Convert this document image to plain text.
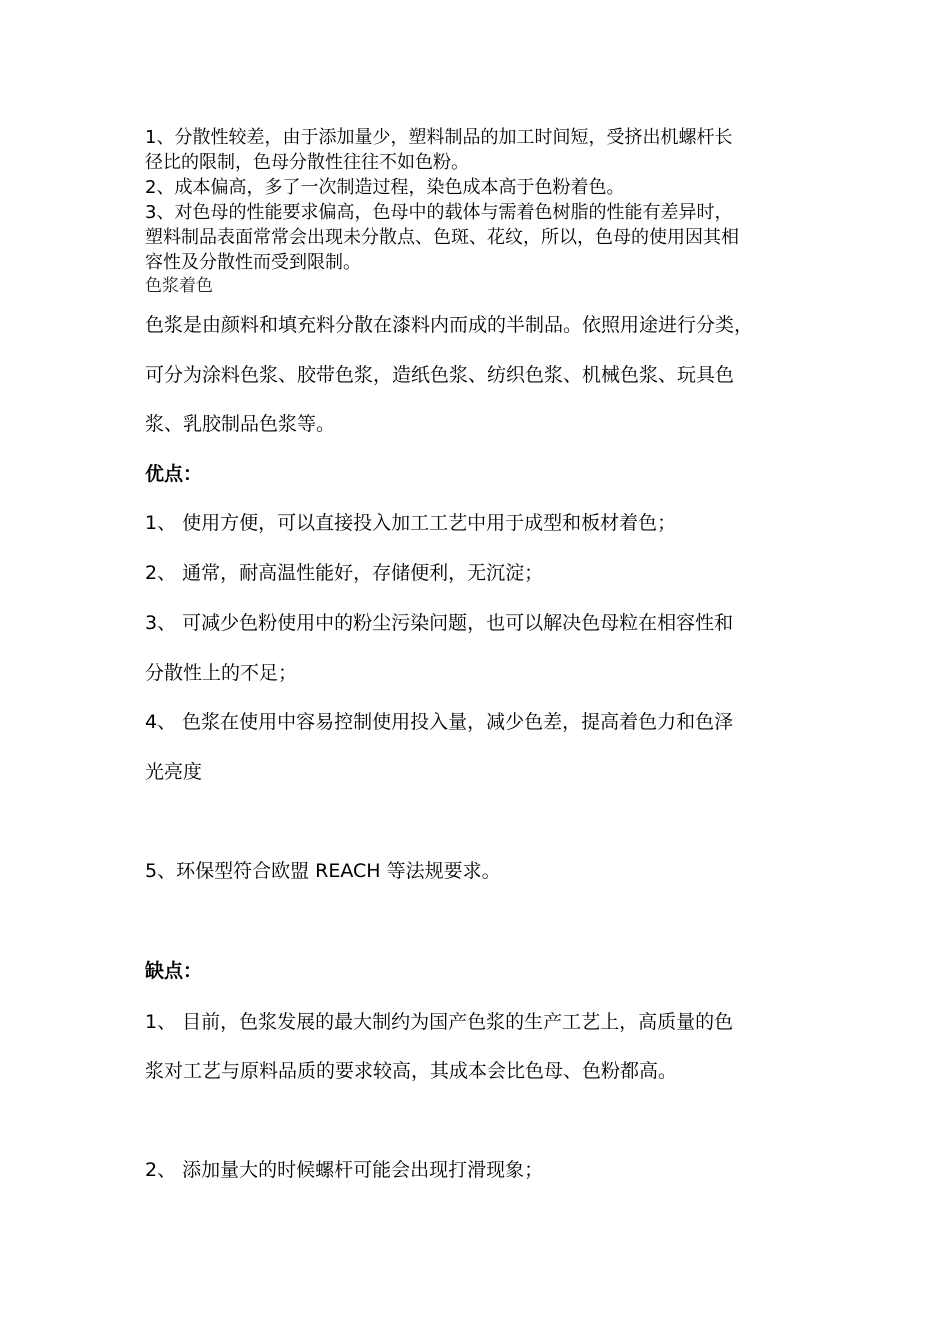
1、分散性较差，由于添加量少，塑料制品的加工时间短，受挤出机螺杆长

径比的限制，色母分散性往往不如色粉。

2、成本偏高，多了一次制造过程，染色成本高于色粉着色。

3、对色母的性能要求偏高，色母中的载体与需着色树脂的性能有差异时，

塑料制品表面常常会出现未分散点、色斑、花纹，所以，色母的使用因其相

容性及分散性而受到限制。

色浆着色

色浆是由颜料和填充料分散在漆料内而成的半制品。依照用途进行分类，

可分为涂料色浆、胶带色浆，造纸色浆、纺织色浆、机械色浆、玩具色

浆、乳胶制品色浆等。

优点：

1、 使用方便，可以直接投入加工工艺中用于成型和板材着色；

2、 通常，耐高温性能好，存储便利，无沉淀；

3、 可减少色粉使用中的粉尘污染问题，也可以解决色母粒在相容性和

分散性上的不足；

4、 色浆在使用中容易控制使用投入量，减少色差，提高着色力和色泽

光亮度

5、环保型符合欧盟 REACH 等法规要求。

缺点：

1、 目前，色浆发展的最大制约为国产色浆的生产工艺上，高质量的色

浆对工艺与原料品质的要求较高，其成本会比色母、色粉都高。

2、 添加量大的时候螺杆可能会出现打滑现象；
